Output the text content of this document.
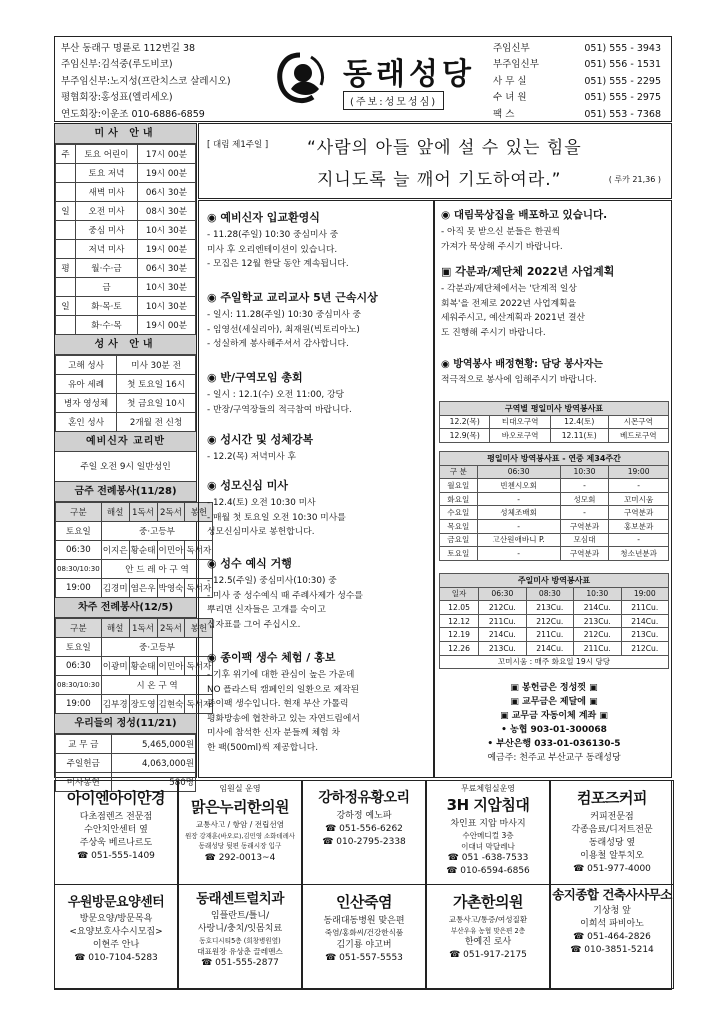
부산 동래구 명륜로 112번길 38
주임신부:김석중(루도비코)
부주임신부:노지성(프란치스코 살레시오)
평협회장:홍성표(엘리세오)
연도회장:이운조 010-6886-6859
동래성당
(주보:성모성심)
주임신부	051) 555 - 3943
부주임신부	051) 556 - 1531
사 무 실	051) 555 - 2295
수 녀 원	051) 555 - 2975
팩 스	051) 553 - 7368
미사 안내
주	토요 어린이	17시 00분
	토요 저녁	19시 00분
	새벽 미사	06시 30분
일	오전 미사	08시 30분
	중심 미사	10시 30분
	저녁 미사	19시 00분
평	월·수·금	06시 30분
	금	10시 30분
일	화·목·토	10시 30분
	화·수·목	19시 00분
성사 안내
고해 성사	미사 30분 전
유아 세례	첫 토요일 16시
병자 영성체	첫 금요일 10시
혼인 성사	2개월 전 신청
예비신자 교리반
주일 오전 9시 일반성인
금주 전례봉사(11/28)
구분	해설	1독서	2독서	봉헌
토요일	중·고등부			
06:30	이지은	황순태	이민아	독서자
08:30/10:30	안 드 레 아 구 역			
19:00	김경미	염은우	박영숙	독서자
차주 전례봉사(12/5)
구분	해설	1독서	2독서	봉헌
토요일	중·고등부			
06:30	이광미	황순태	이민아	독서자
08:30/10:30	시 온 구 역			
19:00	김부경	장도영	김현숙	독서자
우리들의 정성(11/21)
교 무 금	5,465,000원
주일헌금	4,063,000원
미사봉헌	580명
[ 대림 제1주일 ] “사람의 아들 앞에 설 수 있는 힘을
지니도록 늘 깨어 기도하여라.”	( 루카 21,36 )
◉ 예비신자 입교환영식
- 11.28(주일) 10:30 중심미사 중
미사 후 오리엔테이션이 있습니다.
- 모집은 12월 한달 동안 계속됩니다.
◉ 주일학교 교리교사 5년 근속시상
- 일시: 11.28(주일) 10:30 중심미사 중
- 임영선(세실리아), 최재원(빅토리아노)
- 성실하게 봉사해주셔서 감사합니다.
◉ 반/구역모임 총회
- 일시 : 12.1(수) 오전 11:00, 강당
- 반장/구역장들의 적극참여 바랍니다.
◉ 성시간 및 성체강복
- 12.2(목) 저녁미사 후
◉ 성모신심 미사
- 12.4(토) 오전 10:30 미사
- 매월 첫 토요일 오전 10:30 미사를
성모신심미사로 봉헌합니다.
◉ 성수 예식 거행
- 12.5(주일) 중심미사(10:30) 중
- 미사 중 성수예식 때 주례사제가 성수를
뿌리면 신자들은 고개를 숙이고
십자표를 그어 주십시오.
◉ 종이팩 생수 체험 / 홍보
- 기후 위기에 대한 관심이 높은 가운데
NO 플라스틱 캠페인의 일환으로 제작된
종이팩 생수입니다. 현재 부산 가톨릭
평화방송에 협찬하고 있는 자연드림에서
미사에 참석한 신자 분들께 체험 차
한 팩(500ml)씩 제공합니다.
◉ 대림묵상집을 배포하고 있습니다.
- 아직 못 받으신 분들은 한권씩
가져가 묵상해 주시기 바랍니다.
▣ 각분과/제단체 2022년 사업계획
- 각분과/제단체에서는 '단계적 일상
회복'을 전제로 2022년 사업계획을
세워주시고, 예산계획과 2021년 결산
도 진행해 주시기 바랍니다.
◉ 방역봉사 배정현황: 담당 봉사자는
적극적으로 봉사에 임해주시기 바랍니다.
구역별 평일미사 방역봉사표			
12.2(목)	티대오구역	12.4(토)	시몬구역
12.9(목)	바오로구역	12.11(토)	베드로구역
평일미사 방역봉사표 - 연중 제34주간			
구 분	06:30	10:30	19:00
월요일	빈첸시오회	-	-
화요일	-	성모회	꼬미시움
수요일	성체조배회	-	구역분과
목요일	-	구역분과	홍보분과
금요일	고산원애바니 P.	모심대	-
토요일	-	구역분과	청소년분과
주일미사 방역봉사표				
일자	06:30	08:30	10:30	19:00
12.05	212Cu.	213Cu.	214Cu.	211Cu.
12.12	211Cu.	212Cu.	213Cu.	214Cu.
12.19	214Cu.	211Cu.	212Cu.	213Cu.
12.26	213Cu.	214Cu.	211Cu.	212Cu.
꼬미시움 : 매주 화요일 19시 당당				
▣ 봉헌금은 정성껏 ▣
▣ 교무금은 제달에 ▣
▣ 교무금 자동이체 계좌 ▣
• 농협 903-01-300068
• 부산은행 033-01-036130-5
예금주: 천주교 부산교구 동래성당
아이엔아이안경
다초점렌즈 전문점
수안치안센터 옆
주상욱 베르나르도
☎ 051-555-1409
임원실 운영
맑은누리한의원
교통사고 / 항암 / 전립선염
원장 강재훈(바오로),김민영 소화데레사
동래성당 뒷편 동래시장 입구
☎ 292-0013~4
강하정유황오리
강하정 예노파
☎ 051-556-6262
☎ 010-2795-2338
무료체험실운영
3H 지압침대
차인표 지압 마사지
수안메디컬 3층
이대녀 막달레나
☎ 051 -638-7533
☎ 010-6594-6856
컴포즈커피
커피전문점
각종음료/디저트전문
동래성당 옆
이용철 알투치오
☎ 051-977-4000
우원방문요양센터
방문요양/방문목욕
<요양보호사수시모집>
이현주 안나
☎ 010-7104-5283
동래센트럴치과
임플란트/틀니/
사랑니/충치/잇몸치료
동호디시티5층 (희창병원옆)
대표원장 유상춘 끌레멘스
☎ 051-555-2877
인산죽염
동래대동병원 맞은편
죽염/홍화씨/건강한식품
김기룡 야고버
☎ 051-557-5553
가촌한의원
교통사고/통증/여성질환
부산우유 농협 맞은편 2층
한예진 로사
☎ 051-917-2175
송지종합 건축사사무소
기상청 앞
이희석 파비아노
☎ 051-464-2826
☎ 010-3851-5214
